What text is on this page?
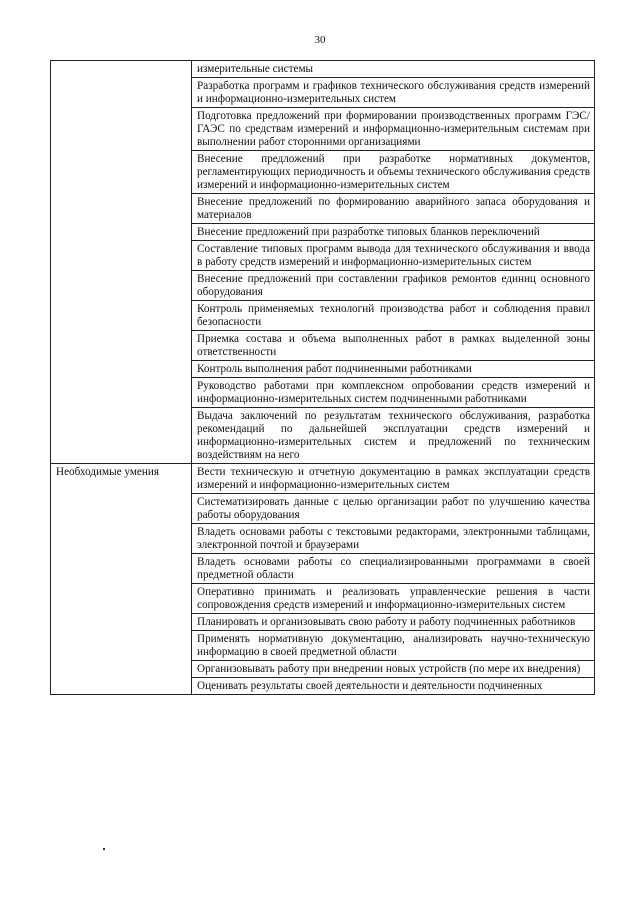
30
	измерительные системы
	Разработка программ и графиков технического обслуживания средств измерений и информационно-измерительных систем
	Подготовка предложений при формировании производственных программ ГЭС/ГАЭС по средствам измерений и информационно-измерительным системам при выполнении работ сторонними организациями
	Внесение предложений при разработке нормативных документов, регламентирующих периодичность и объемы технического обслуживания средств измерений и информационно-измерительных систем
	Внесение предложений по формированию аварийного запаса оборудования и материалов
	Внесение предложений при разработке типовых бланков переключений
	Составление типовых программ вывода для технического обслуживания и ввода в работу средств измерений и информационно-измерительных систем
	Внесение предложений при составлении графиков ремонтов единиц основного оборудования
	Контроль применяемых технологий производства работ и соблюдения правил безопасности
	Приемка состава и объема выполненных работ в рамках выделенной зоны ответственности
	Контроль выполнения работ подчиненными работниками
	Руководство работами при комплексном опробовании средств измерений и информационно-измерительных систем подчиненными работниками
	Выдача заключений по результатам технического обслуживания, разработка рекомендаций по дальнейшей эксплуатации средств измерений и информационно-измерительных систем и предложений по техническим воздействиям на него
Необходимые умения	Вести техническую и отчетную документацию в рамках эксплуатации средств измерений и информационно-измерительных систем
	Систематизировать данные с целью организации работ по улучшению качества работы оборудования
	Владеть основами работы с текстовыми редакторами, электронными таблицами, электронной почтой и браузерами
	Владеть основами работы со специализированными программами в своей предметной области
	Оперативно принимать и реализовать управленческие решения в части сопровождения средств измерений и информационно-измерительных систем
	Планировать и организовывать свою работу и работу подчиненных работников
	Применять нормативную документацию, анализировать научно-техническую информацию в своей предметной области
	Организовывать работу при внедрении новых устройств (по мере их внедрения)
	Оценивать результаты своей деятельности и деятельности подчиненных
